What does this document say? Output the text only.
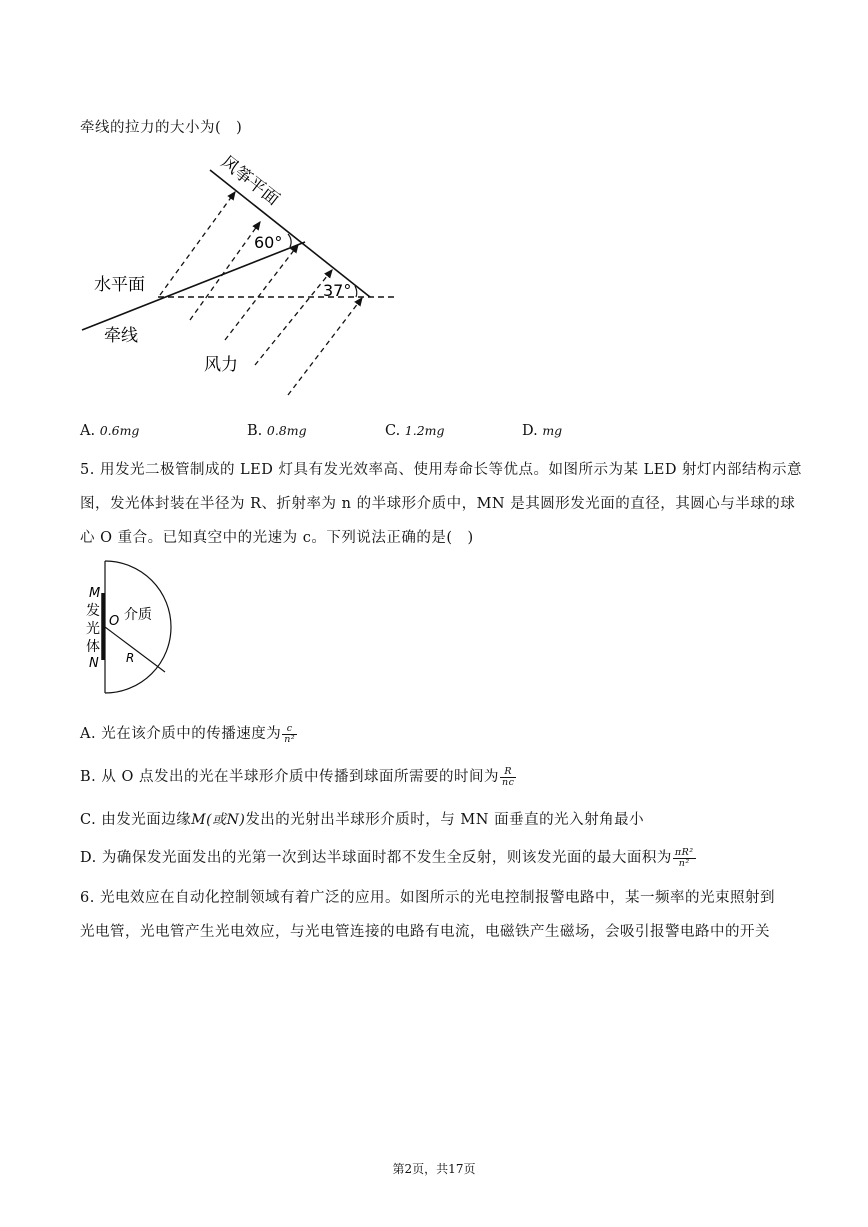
牵线的拉力的大小为(　)
风筝平面
60°
37°
水平面
牵线
风力
A. 0.6mg	B. 0.8mg	C. 1.2mg	D. mg
5. 用发光二极管制成的 LED 灯具有发光效率高、使用寿命长等优点。如图所示为某 LED 射灯内部结构示意
图，发光体封装在半径为 R、折射率为 n 的半球形介质中，MN 是其圆形发光面的直径，其圆心与半球的球
心 O 重合。已知真空中的光速为 c。下列说法正确的是(　)
M
发
光
体
N
O 介质
R
A. 光在该介质中的传播速度为 $\frac{c}{\text{n²}}$
B. 从 O 点发出的光在半球形介质中传播到球面所需要的时间为 $\frac{R}{nc}$
C. 由发光面边缘M(或N)发出的光射出半球形介质时，与 MN 面垂直的光入射角最小
D. 为确保发光面发出的光第一次到达半球面时都不发生全反射，则该发光面的最大面积为 $\frac{\text{πR²}}{\text{n²}}$
6. 光电效应在自动化控制领域有着广泛的应用。如图所示的光电控制报警电路中，某一频率的光束照射到
光电管，光电管产生光电效应，与光电管连接的电路有电流，电磁铁产生磁场，会吸引报警电路中的开关
第2页，共17页
